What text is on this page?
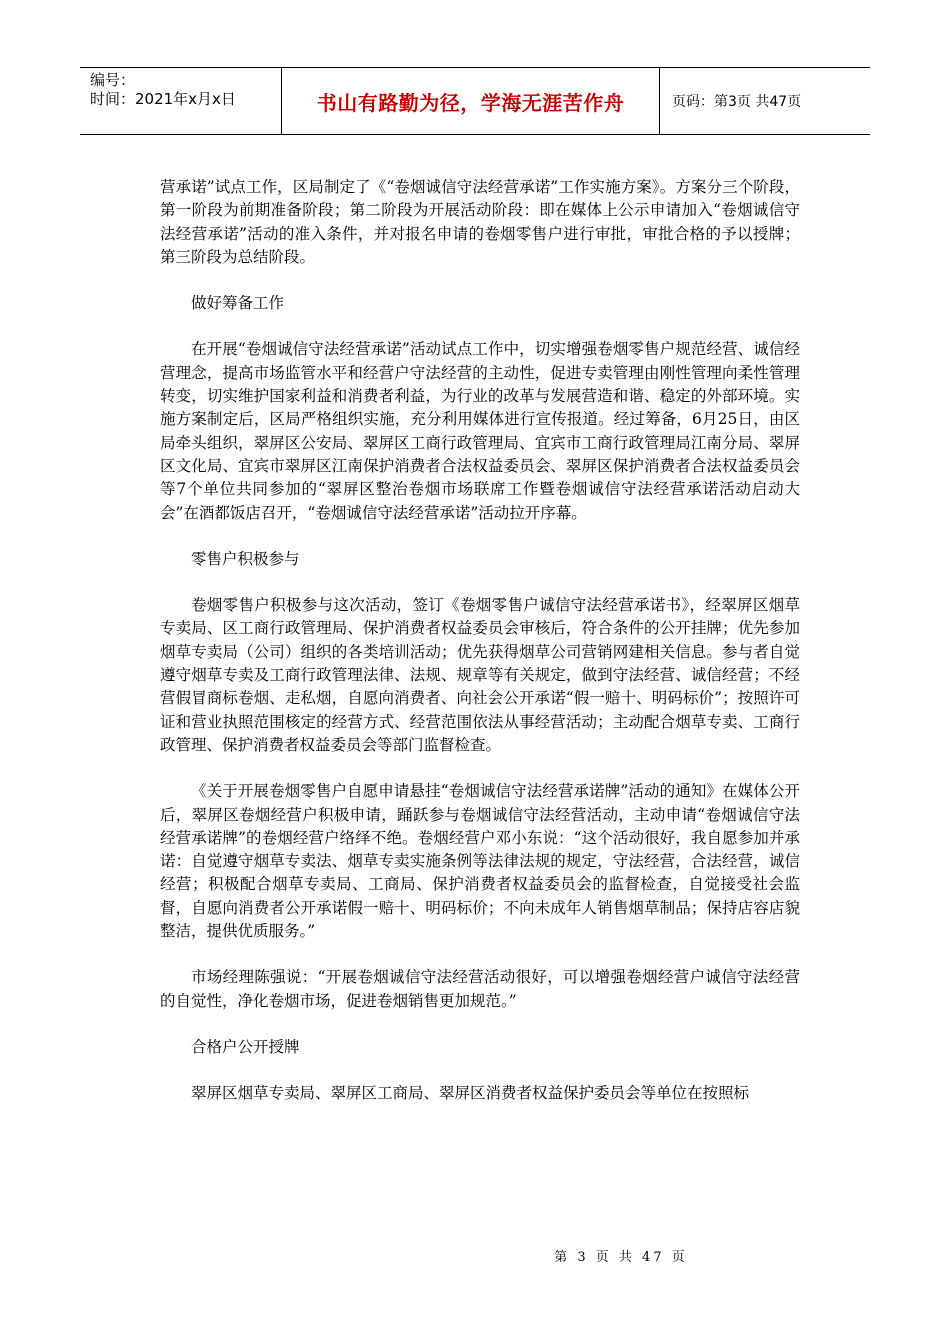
编号：
时间：2021年x月x日	书山有路勤为径，学海无涯苦作舟	页码：第3页 共47页

营承诺”试点工作，区局制定了《“卷烟诚信守法经营承诺”工作实施方案》。方案分三个阶段，第一阶段为前期准备阶段；第二阶段为开展活动阶段：即在媒体上公示申请加入“卷烟诚信守法经营承诺”活动的准入条件，并对报名申请的卷烟零售户进行审批，审批合格的予以授牌；第三阶段为总结阶段。

做好筹备工作

在开展“卷烟诚信守法经营承诺”活动试点工作中，切实增强卷烟零售户规范经营、诚信经营理念，提高市场监管水平和经营户守法经营的主动性，促进专卖管理由刚性管理向柔性管理转变，切实维护国家利益和消费者利益，为行业的改革与发展营造和谐、稳定的外部环境。实施方案制定后，区局严格组织实施，充分利用媒体进行宣传报道。经过筹备，6月25日，由区局牵头组织，翠屏区公安局、翠屏区工商行政管理局、宜宾市工商行政管理局江南分局、翠屏区文化局、宜宾市翠屏区江南保护消费者合法权益委员会、翠屏区保护消费者合法权益委员会等7个单位共同参加的“翠屏区整治卷烟市场联席工作暨卷烟诚信守法经营承诺活动启动大会”在酒都饭店召开，“卷烟诚信守法经营承诺”活动拉开序幕。

零售户积极参与

卷烟零售户积极参与这次活动，签订《卷烟零售户诚信守法经营承诺书》，经翠屏区烟草专卖局、区工商行政管理局、保护消费者权益委员会审核后，符合条件的公开挂牌；优先参加烟草专卖局（公司）组织的各类培训活动；优先获得烟草公司营销网建相关信息。参与者自觉遵守烟草专卖及工商行政管理法律、法规、规章等有关规定，做到守法经营、诚信经营；不经营假冒商标卷烟、走私烟，自愿向消费者、向社会公开承诺“假一赔十、明码标价”；按照许可证和营业执照范围核定的经营方式、经营范围依法从事经营活动；主动配合烟草专卖、工商行政管理、保护消费者权益委员会等部门监督检查。

《关于开展卷烟零售户自愿申请悬挂“卷烟诚信守法经营承诺牌”活动的通知》在媒体公开后，翠屏区卷烟经营户积极申请，踊跃参与卷烟诚信守法经营活动，主动申请“卷烟诚信守法经营承诺牌”的卷烟经营户络绎不绝。卷烟经营户邓小东说：“这个活动很好，我自愿参加并承诺：自觉遵守烟草专卖法、烟草专卖实施条例等法律法规的规定，守法经营，合法经营，诚信经营；积极配合烟草专卖局、工商局、保护消费者权益委员会的监督检查，自觉接受社会监督，自愿向消费者公开承诺假一赔十、明码标价；不向未成年人销售烟草制品；保持店容店貌整洁，提供优质服务。”

市场经理陈强说：“开展卷烟诚信守法经营活动很好，可以增强卷烟经营户诚信守法经营的自觉性，净化卷烟市场，促进卷烟销售更加规范。”

合格户公开授牌

翠屏区烟草专卖局、翠屏区工商局、翠屏区消费者权益保护委员会等单位在按照标

第 3 页 共 47 页
